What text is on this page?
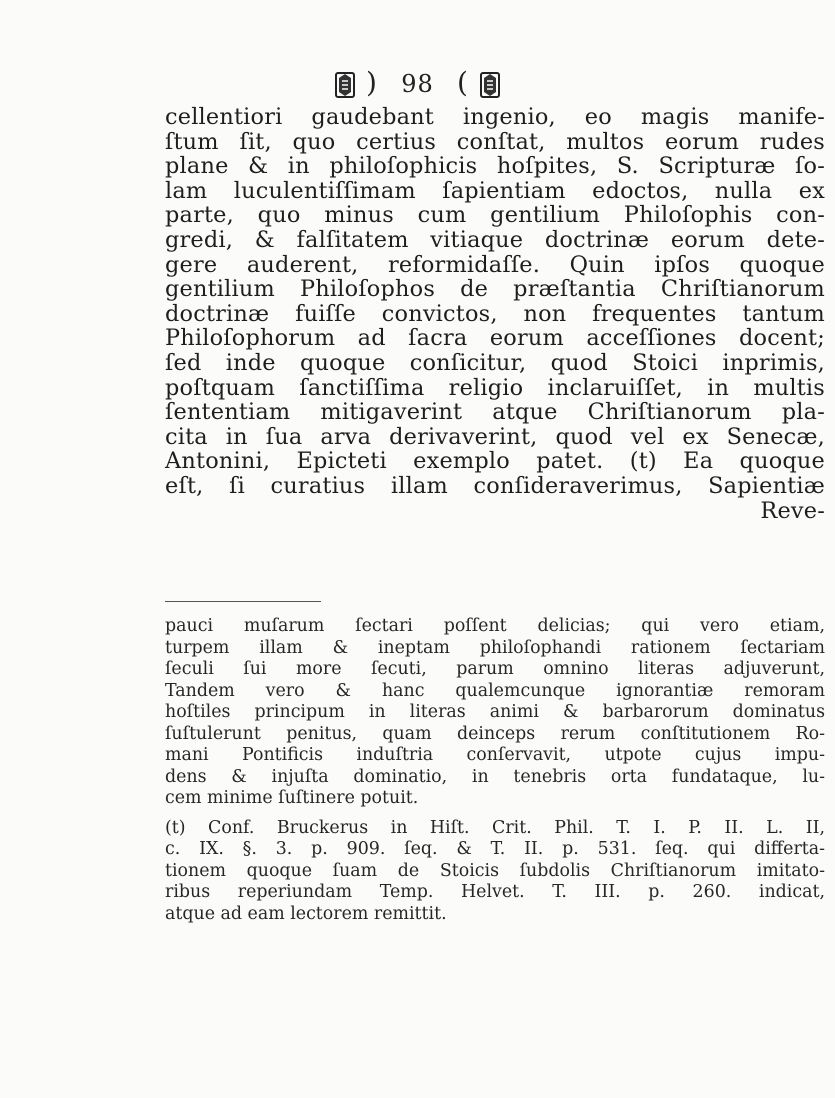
) 98 (
cellentiori gaudebant ingenio, eo magis manife-
ſtum ſit, quo certius conſtat, multos eorum rudes
plane & in philoſophicis hoſpites, S. Scripturæ ſo-
lam luculentiſſimam ſapientiam edoctos, nulla ex
parte, quo minus cum gentilium Philoſophis con-
gredi, & falſitatem vitiaque doctrinæ eorum dete-
gere auderent, reformidaſſe. Quin ipſos quoque
gentilium Philoſophos de præſtantia Chriſtianorum
doctrinæ fuiſſe convictos, non frequentes tantum
Philoſophorum ad ſacra eorum acceſſiones docent;
ſed inde quoque conſicitur, quod Stoici inprimis,
poſtquam ſanctiſſima religio inclaruiſſet, in multis
ſententiam mitigaverint atque Chriſtianorum pla-
cita in ſua arva derivaverint, quod vel ex Senecæ,
Antonini, Epicteti exemplo patet. (t) Ea quoque
eſt, ſi curatius illam conſideraverimus, Sapientiæ
Reve-
pauci muſarum ſectari poſſent delicias; qui vero etiam,
turpem illam & ineptam philoſophandi rationem ſectariam
ſeculi ſui more ſecuti, parum omnino literas adjuverunt,
Tandem vero & hanc qualemcunque ignorantiæ remoram
hoſtiles principum in literas animi & barbarorum dominatus
ſuſtulerunt penitus, quam deinceps rerum conſtitutionem Ro-
mani Pontificis induſtria conſervavit, utpote cujus impu-
dens & injuſta dominatio, in tenebris orta fundataque, lu-
cem minime ſuſtinere potuit.
(t) Conf. Bruckerus in Hiſt. Crit. Phil. T. I. P. II. L. II,
c. IX. §. 3. p. 909. ſeq. & T. II. p. 531. ſeq. qui differta-
tionem quoque ſuam de Stoicis ſubdolis Chriſtianorum imitato-
ribus reperiundam Temp. Helvet. T. III. p. 260. indicat,
atque ad eam lectorem remittit.
